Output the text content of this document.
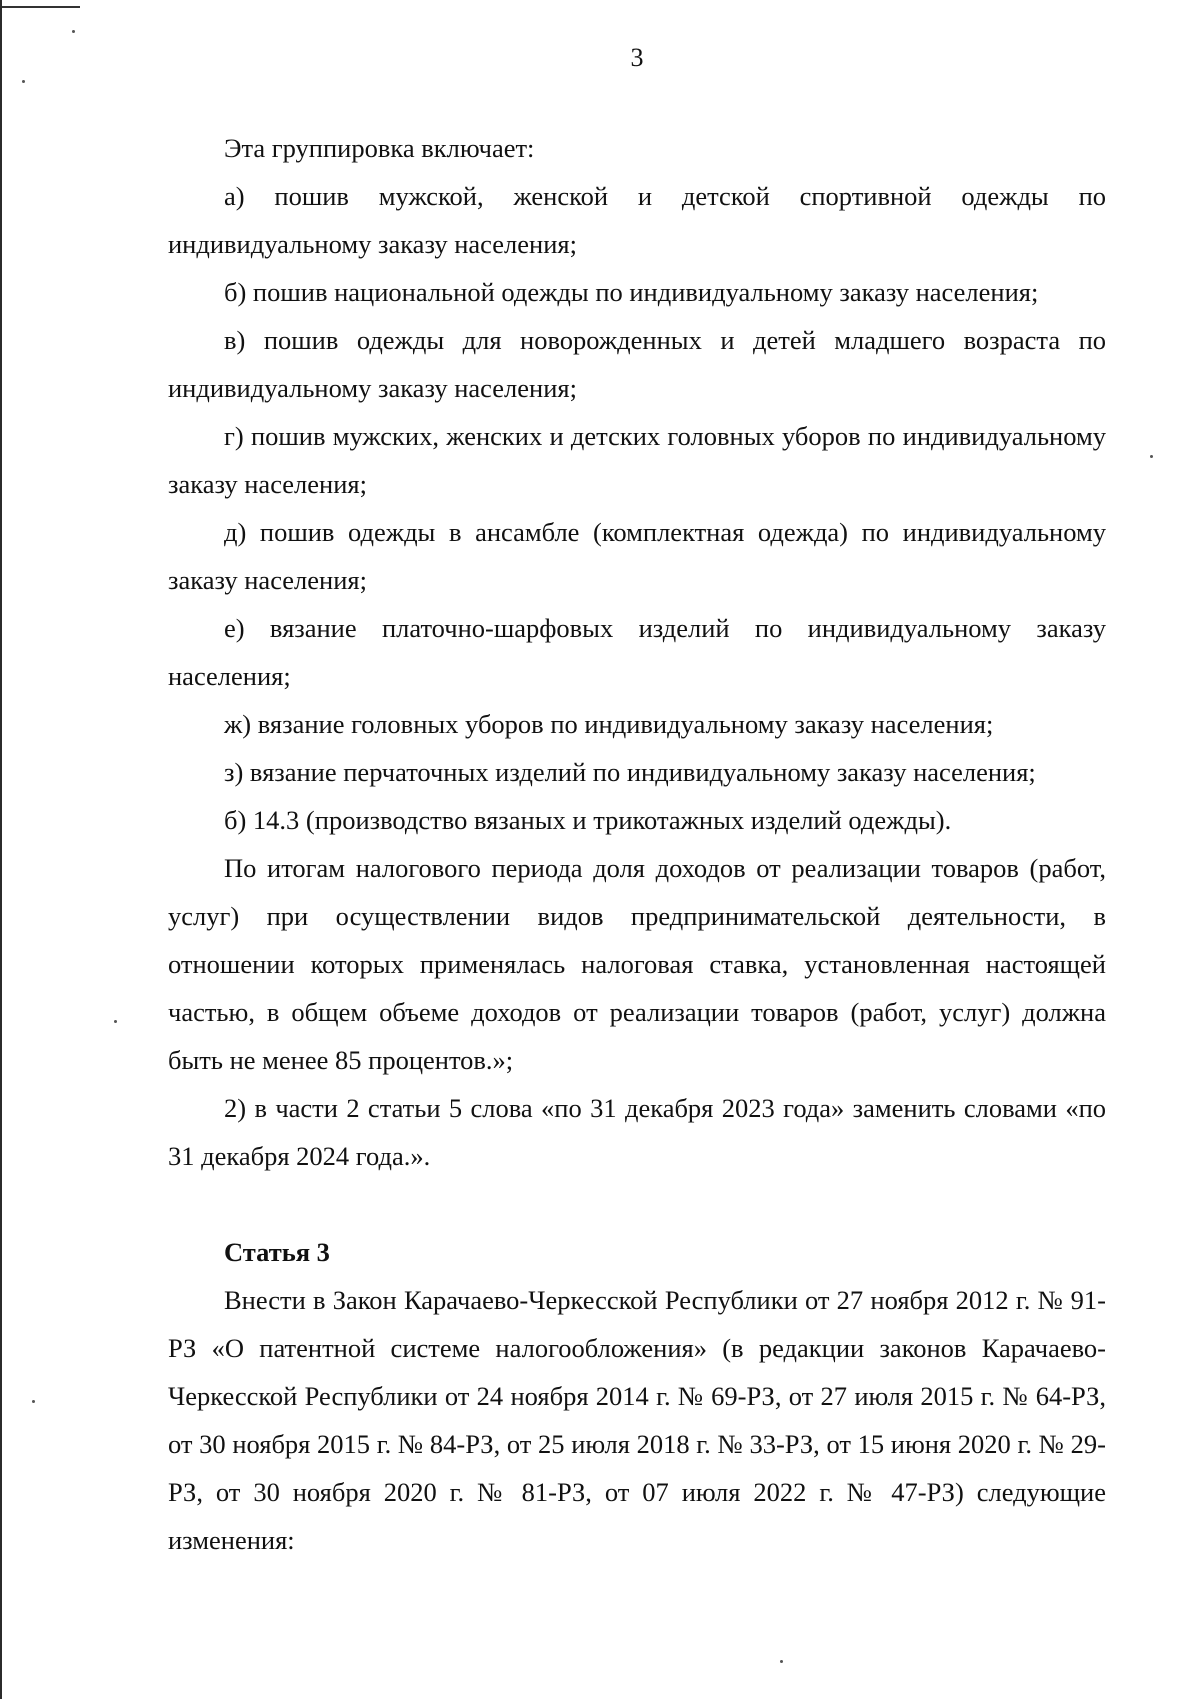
3

Эта группировка включает:

а) пошив мужской, женской и детской спортивной одежды по индивидуальному заказу населения;

б) пошив национальной одежды по индивидуальному заказу населения;

в) пошив одежды для новорожденных и детей младшего возраста по индивидуальному заказу населения;

г) пошив мужских, женских и детских головных уборов по индивидуальному заказу населения;

д) пошив одежды в ансамбле (комплектная одежда) по индивидуальному заказу населения;

е) вязание платочно-шарфовых изделий по индивидуальному заказу населения;

ж) вязание головных уборов по индивидуальному заказу населения;

з) вязание перчаточных изделий по индивидуальному заказу населения;

б) 14.3 (производство вязаных и трикотажных изделий одежды).

По итогам налогового периода доля доходов от реализации товаров (работ, услуг) при осуществлении видов предпринимательской деятельности, в отношении которых применялась налоговая ставка, установленная настоящей частью, в общем объеме доходов от реализации товаров (работ, услуг) должна быть не менее 85 процентов.»;

2) в части 2 статьи 5 слова «по 31 декабря 2023 года» заменить словами «по 31 декабря 2024 года.».

Статья 3

Внести в Закон Карачаево-Черкесской Республики от 27 ноября 2012 г. № 91-РЗ «О патентной системе налогообложения» (в редакции законов Карачаево-Черкесской Республики от 24 ноября 2014 г. № 69-РЗ, от 27 июля 2015 г. № 64-РЗ, от 30 ноября 2015 г. № 84-РЗ, от 25 июля 2018 г. № 33-РЗ, от 15 июня 2020 г. № 29-РЗ, от 30 ноября 2020 г. № 81-РЗ, от 07 июля 2022 г. № 47-РЗ) следующие изменения:
